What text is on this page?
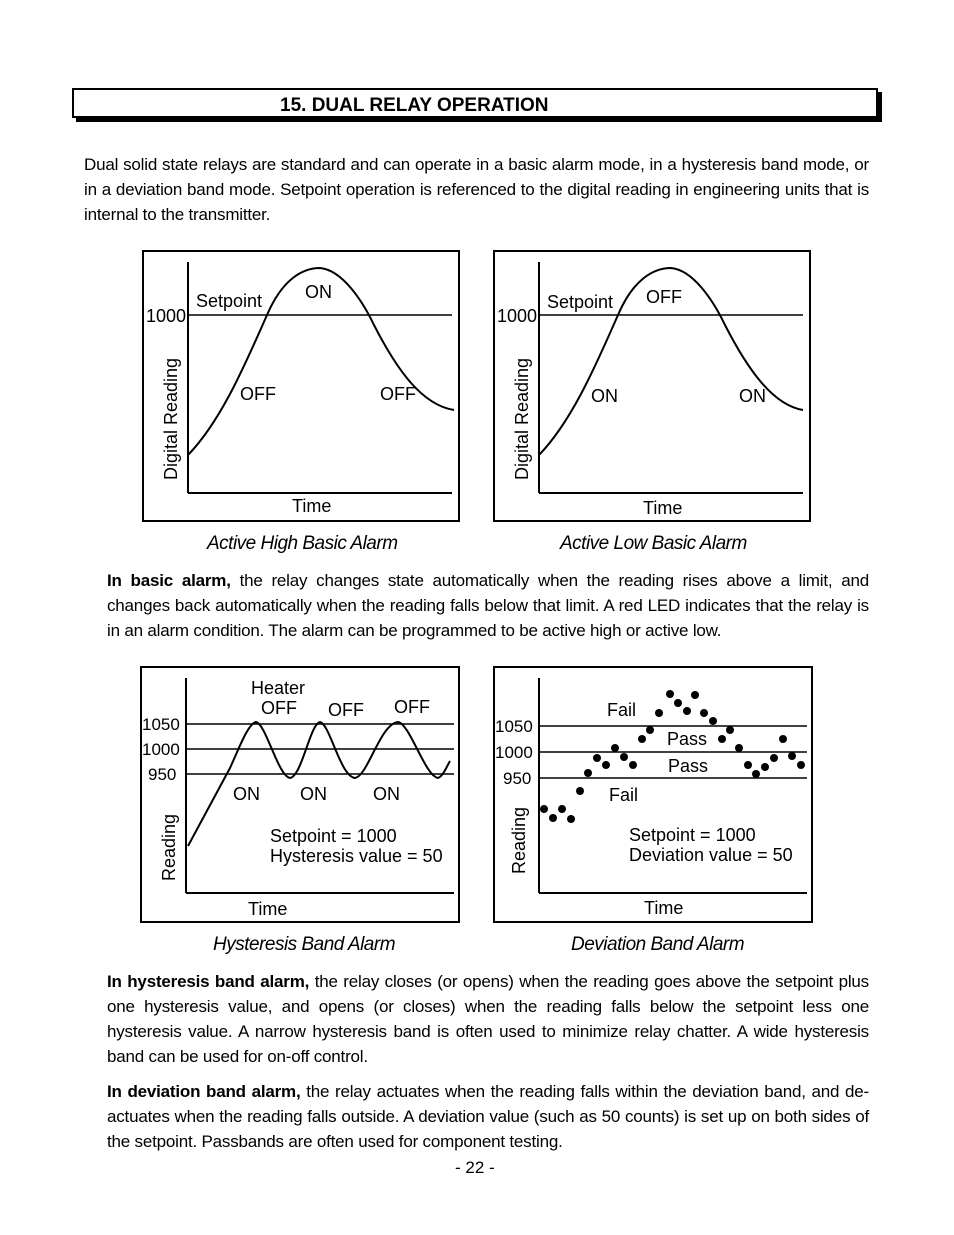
15. DUAL RELAY OPERATION
Dual solid state relays are standard and can operate in a basic alarm mode, in a hysteresis band mode, or in a deviation band mode. Setpoint operation is referenced to the digital reading in engineering units that is internal to the transmitter.
Setpoint
1000
ON
OFF	OFF
Digital Reading
Time
Active High Basic Alarm
Setpoint
1000
OFF
ON	ON
Digital Reading
Time
Active Low Basic Alarm
In basic alarm, the relay changes state automatically when the reading rises above a limit, and changes back automatically when the reading falls below that limit. A red LED indicates that the relay is in an alarm condition. The alarm can be programmed to be active high or active low.
Heater
OFF OFF OFF
1050
1000
950
ON ON	ON
Setpoint = 1000
Hysteresis value = 50
Reading
Time
Hysteresis Band Alarm
Fail
Pass
Pass
Fail
1050
1000
950
Setpoint = 1000
Deviation value = 50
Reading
Time
Deviation Band Alarm
In hysteresis band alarm, the relay closes (or opens) when the reading goes above the setpoint plus one hysteresis value, and opens (or closes) when the reading falls below the setpoint less one hysteresis value. A narrow hysteresis band is often used to minimize relay chatter. A wide hysteresis band can be used for on-off control.
In deviation band alarm, the relay actuates when the reading falls within the deviation band, and de-actuates when the reading falls outside. A deviation value (such as 50 counts) is set up on both sides of the setpoint. Passbands are often used for component testing.
- 22 -
